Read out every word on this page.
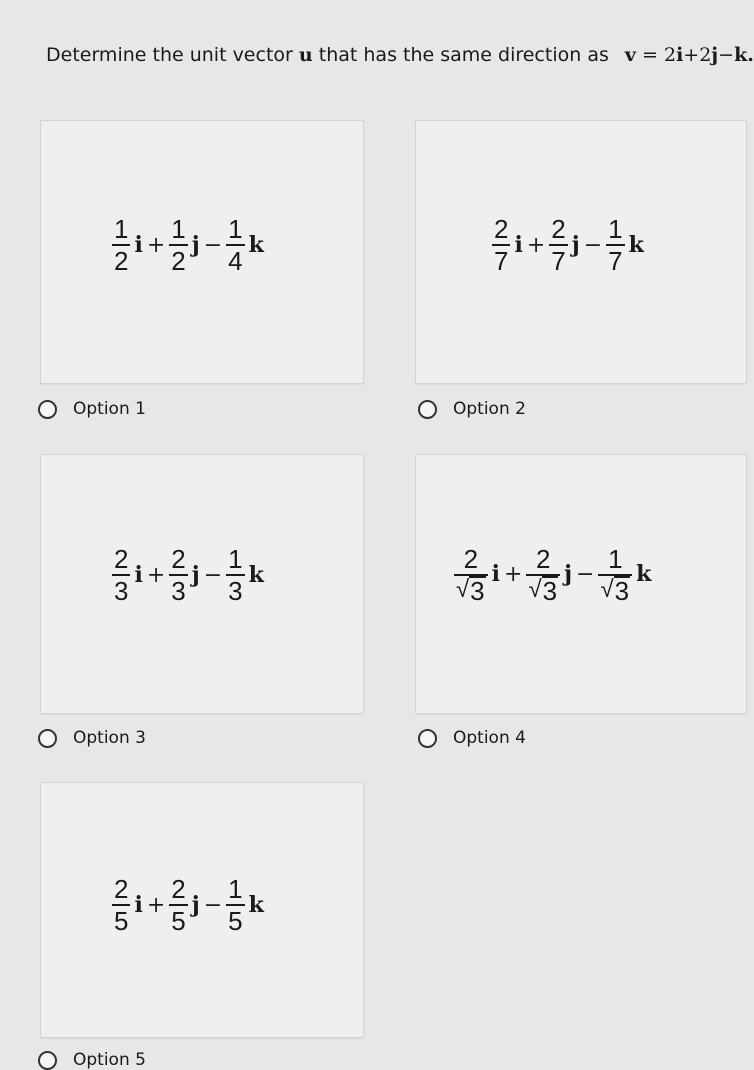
Determine the unit vector u that has the same direction as v = 2i+2j−k.
$\frac{1}{2}$ $i + \frac{1}{2}$ $j - \frac{1}{4}$ k
Option 1
$\frac{2}{7}$ $i + \frac{2}{7}$ $j - \frac{1}{7}$ k
Option 2
$\frac{2}{3}$ $i + \frac{2}{3}$ $j - \frac{1}{3}$ k
Option 3
$\frac{2}{√ 3}$ $i + \frac{2}{√ 3}$ $j - \frac{1}{√ 3}$ k
Option 4
$\frac{2}{5}$ $i + \frac{2}{5}$ $j - \frac{1}{5}$ k
Option 5
